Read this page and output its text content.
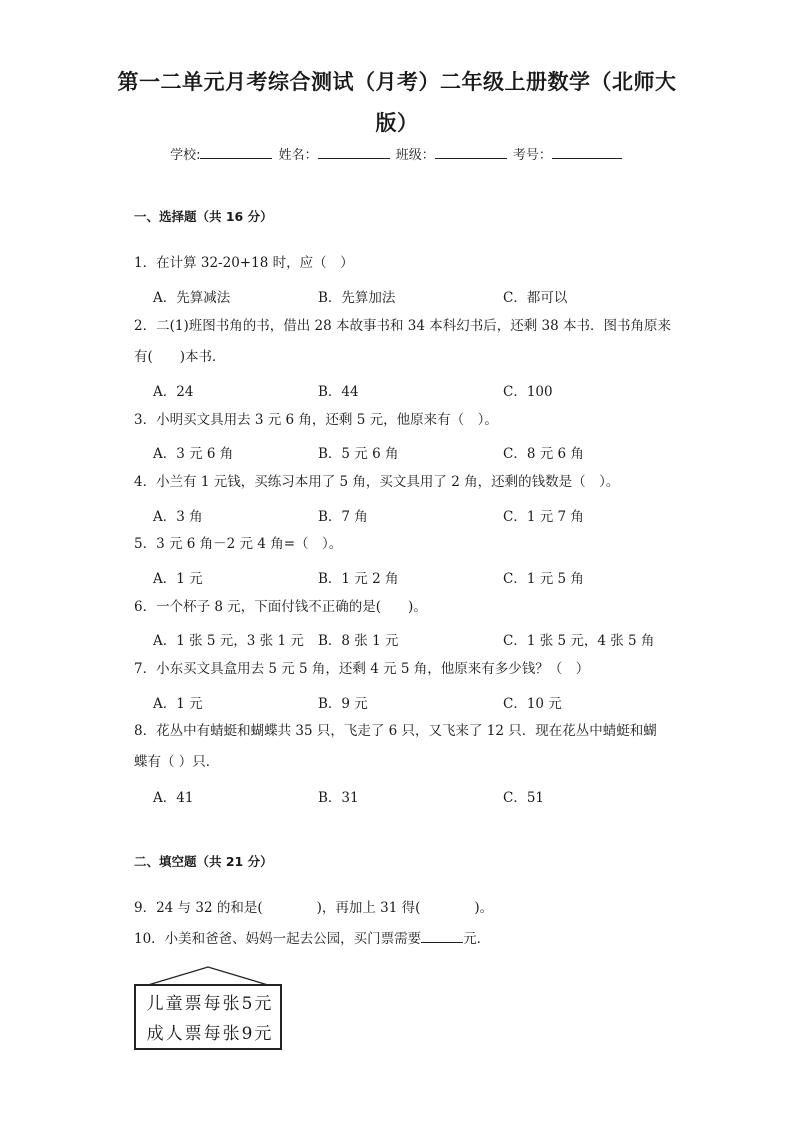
第一二单元月考综合测试（月考）二年级上册数学（北师大
版）
学校:	姓名：	班级：	考号：
一、选择题（共 16 分）
1．在计算 32-20+18 时，应（　）
A．先算减法	B．先算加法	C．都可以
2．二(1)班图书角的书，借出 28 本故事书和 34 本科幻书后，还剩 38 本书．图书角原来
有(　　)本书．
A．24	B．44	C．100
3．小明买文具用去 3 元 6 角，还剩 5 元，他原来有（　）。
A．3 元 6 角	B．5 元 6 角	C．8 元 6 角
4．小兰有 1 元钱，买练习本用了 5 角，买文具用了 2 角，还剩的钱数是（　）。
A．3 角	B．7 角	C．1 元 7 角
5．3 元 6 角－2 元 4 角=（　）。
A．1 元	B．1 元 2 角	C．1 元 5 角
6．一个杯子 8 元，下面付钱不正确的是(　　)。
A．1 张 5 元，3 张 1 元 B．8 张 1 元	C．1 张 5 元，4 张 5 角
7．小东买文具盒用去 5 元 5 角，还剩 4 元 5 角，他原来有多少钱？（　）
A．1 元	B．9 元	C．10 元
8．花丛中有蜻蜓和蝴蝶共 35 只，飞走了 6 只，又飞来了 12 只．现在花丛中蜻蜓和蝴
蝶有（ ）只．
A．41	B．31	C．51
二、填空题（共 21 分）
9．24 与 32 的和是(　　　　)，再加上 31 得(　　　　)。
10．小美和爸爸、妈妈一起去公园，买门票需要	元．
儿童票每张5元
成人票每张9元
